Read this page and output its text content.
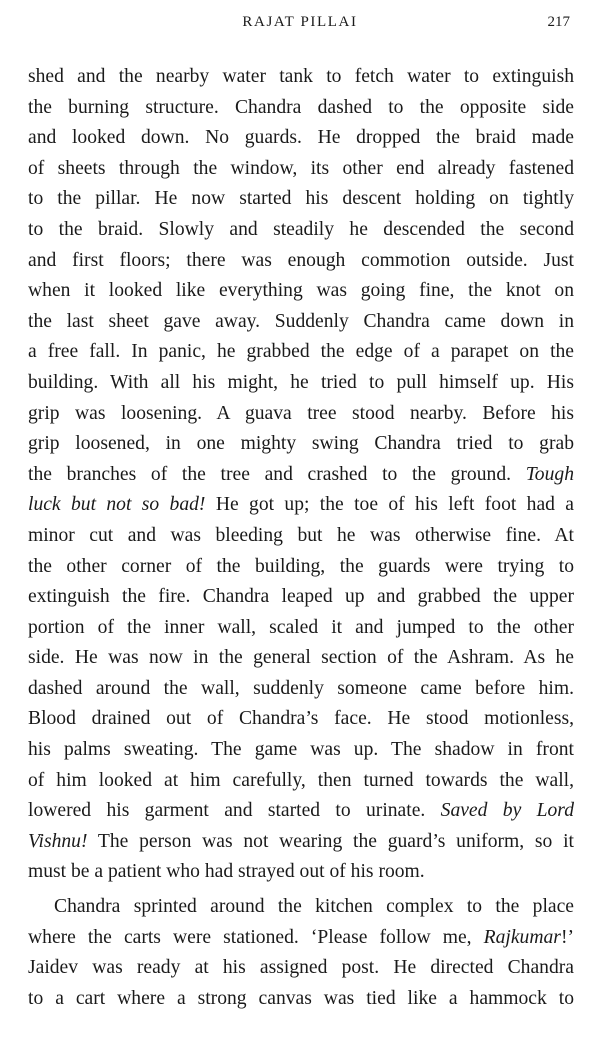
RAJAT PILLAI	217
shed and the nearby water tank to fetch water to extinguish
the burning structure. Chandra dashed to the opposite side
and looked down. No guards. He dropped the braid made
of sheets through the window, its other end already fastened
to the pillar. He now started his descent holding on tightly
to the braid. Slowly and steadily he descended the second
and first floors; there was enough commotion outside. Just
when it looked like everything was going fine, the knot on
the last sheet gave away. Suddenly Chandra came down in
a free fall. In panic, he grabbed the edge of a parapet on the
building. With all his might, he tried to pull himself up. His
grip was loosening. A guava tree stood nearby. Before his
grip loosened, in one mighty swing Chandra tried to grab
the branches of the tree and crashed to the ground. Tough
luck but not so bad! He got up; the toe of his left foot had a
minor cut and was bleeding but he was otherwise fine. At
the other corner of the building, the guards were trying to
extinguish the fire. Chandra leaped up and grabbed the upper
portion of the inner wall, scaled it and jumped to the other
side. He was now in the general section of the Ashram. As he
dashed around the wall, suddenly someone came before him.
Blood drained out of Chandra’s face. He stood motionless,
his palms sweating. The game was up. The shadow in front
of him looked at him carefully, then turned towards the wall,
lowered his garment and started to urinate. Saved by Lord
Vishnu! The person was not wearing the guard’s uniform, so it
must be a patient who had strayed out of his room.
Chandra sprinted around the kitchen complex to the place
where the carts were stationed. ‘Please follow me, Rajkumar!’
Jaidev was ready at his assigned post. He directed Chandra
to a cart where a strong canvas was tied like a hammock to
